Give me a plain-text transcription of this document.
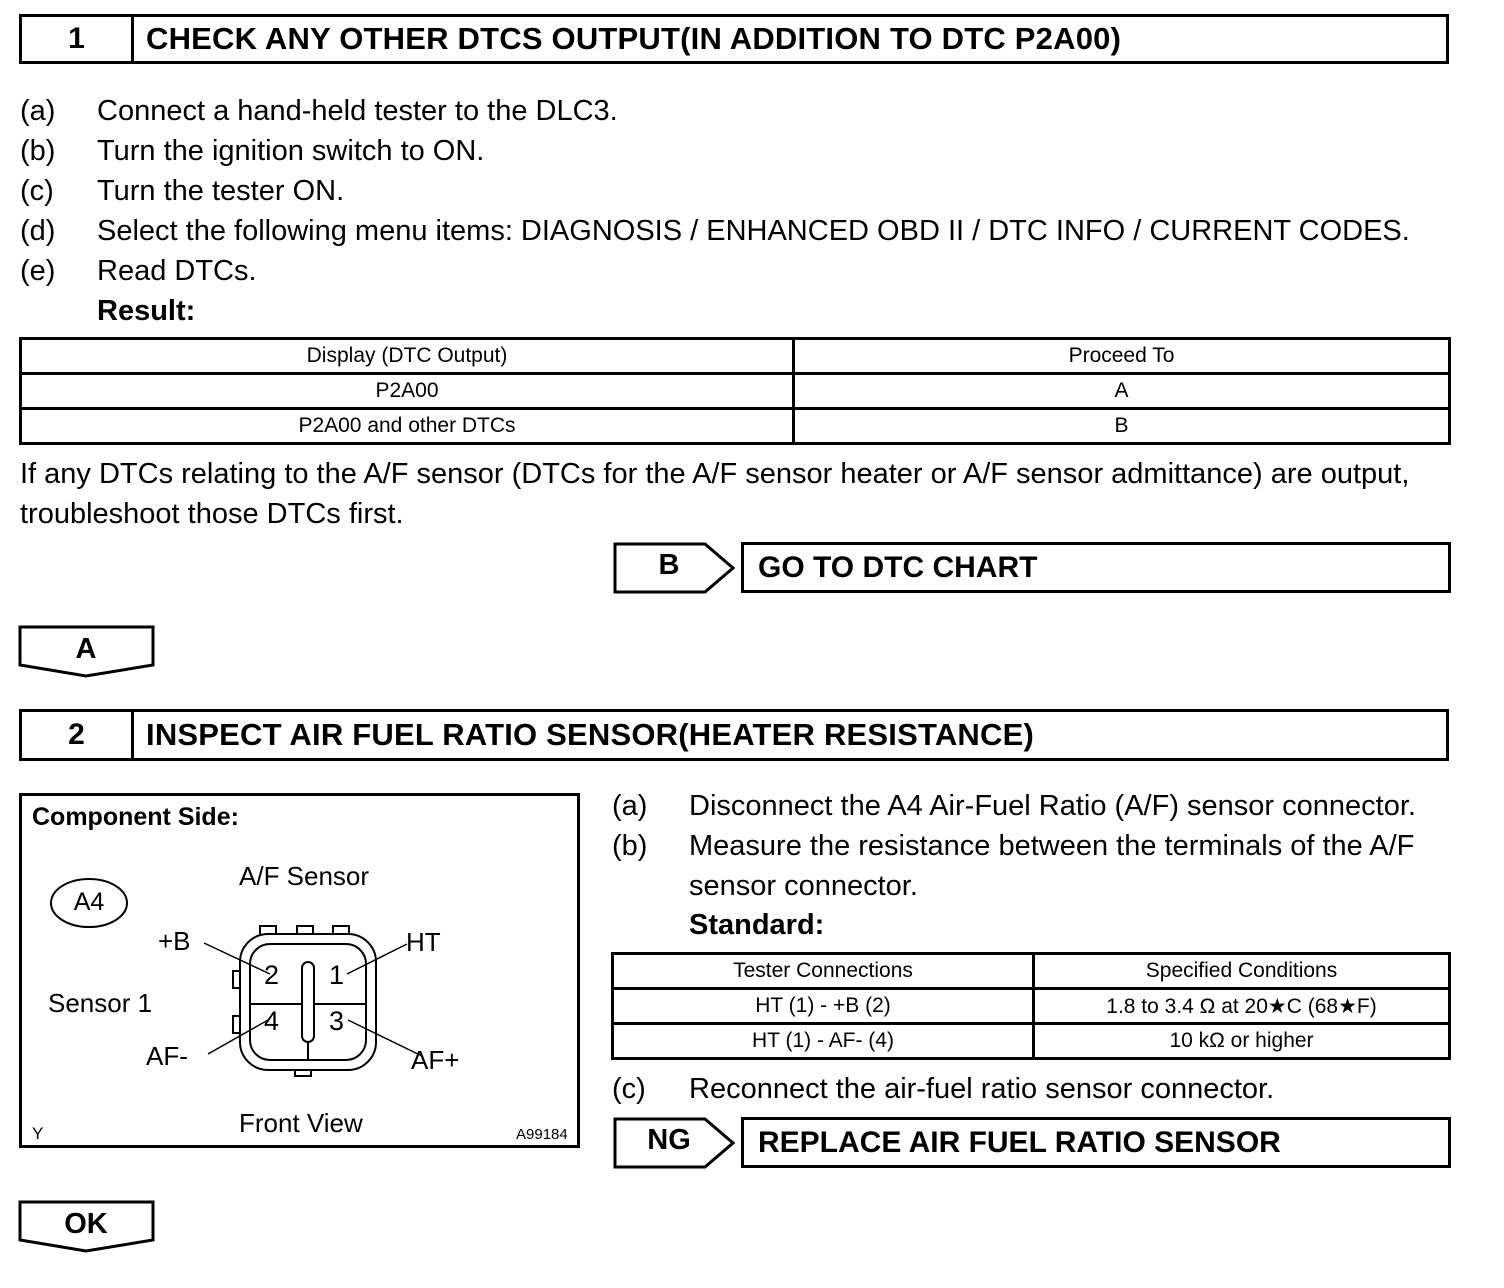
1	CHECK ANY OTHER DTCS OUTPUT(IN ADDITION TO DTC P2A00)
(a) Connect a hand-held tester to the DLC3.
(b) Turn the ignition switch to ON.
(c) Turn the tester ON.
(d) Select the following menu items: DIAGNOSIS / ENHANCED OBD II / DTC INFO / CURRENT CODES.
(e) Read DTCs.
Result:
Display (DTC Output)	Proceed To
P2A00	A
P2A00 and other DTCs	B
If any DTCs relating to the A/F sensor (DTCs for the A/F sensor heater or A/F sensor admittance) are output,
troubleshoot those DTCs first.
B	GO TO DTC CHART
A
2	INSPECT AIR FUEL RATIO SENSOR(HEATER RESISTANCE)
Component Side:
A/F Sensor
Sensor 1
Front View
Y	A99184
A4
2 1
4 3
+B	HT
AF-	AF+
(a) Disconnect the A4 Air-Fuel Ratio (A/F) sensor connector.
(b) Measure the resistance between the terminals of the A/F
sensor connector.
Standard:
Tester Connections	Specified Conditions
HT (1) - +B (2)	1.8 to 3.4 Ω at 20★C (68★F)
HT (1) - AF- (4)	10 kΩ or higher
(c) Reconnect the air-fuel ratio sensor connector.
NG	REPLACE AIR FUEL RATIO SENSOR
OK
